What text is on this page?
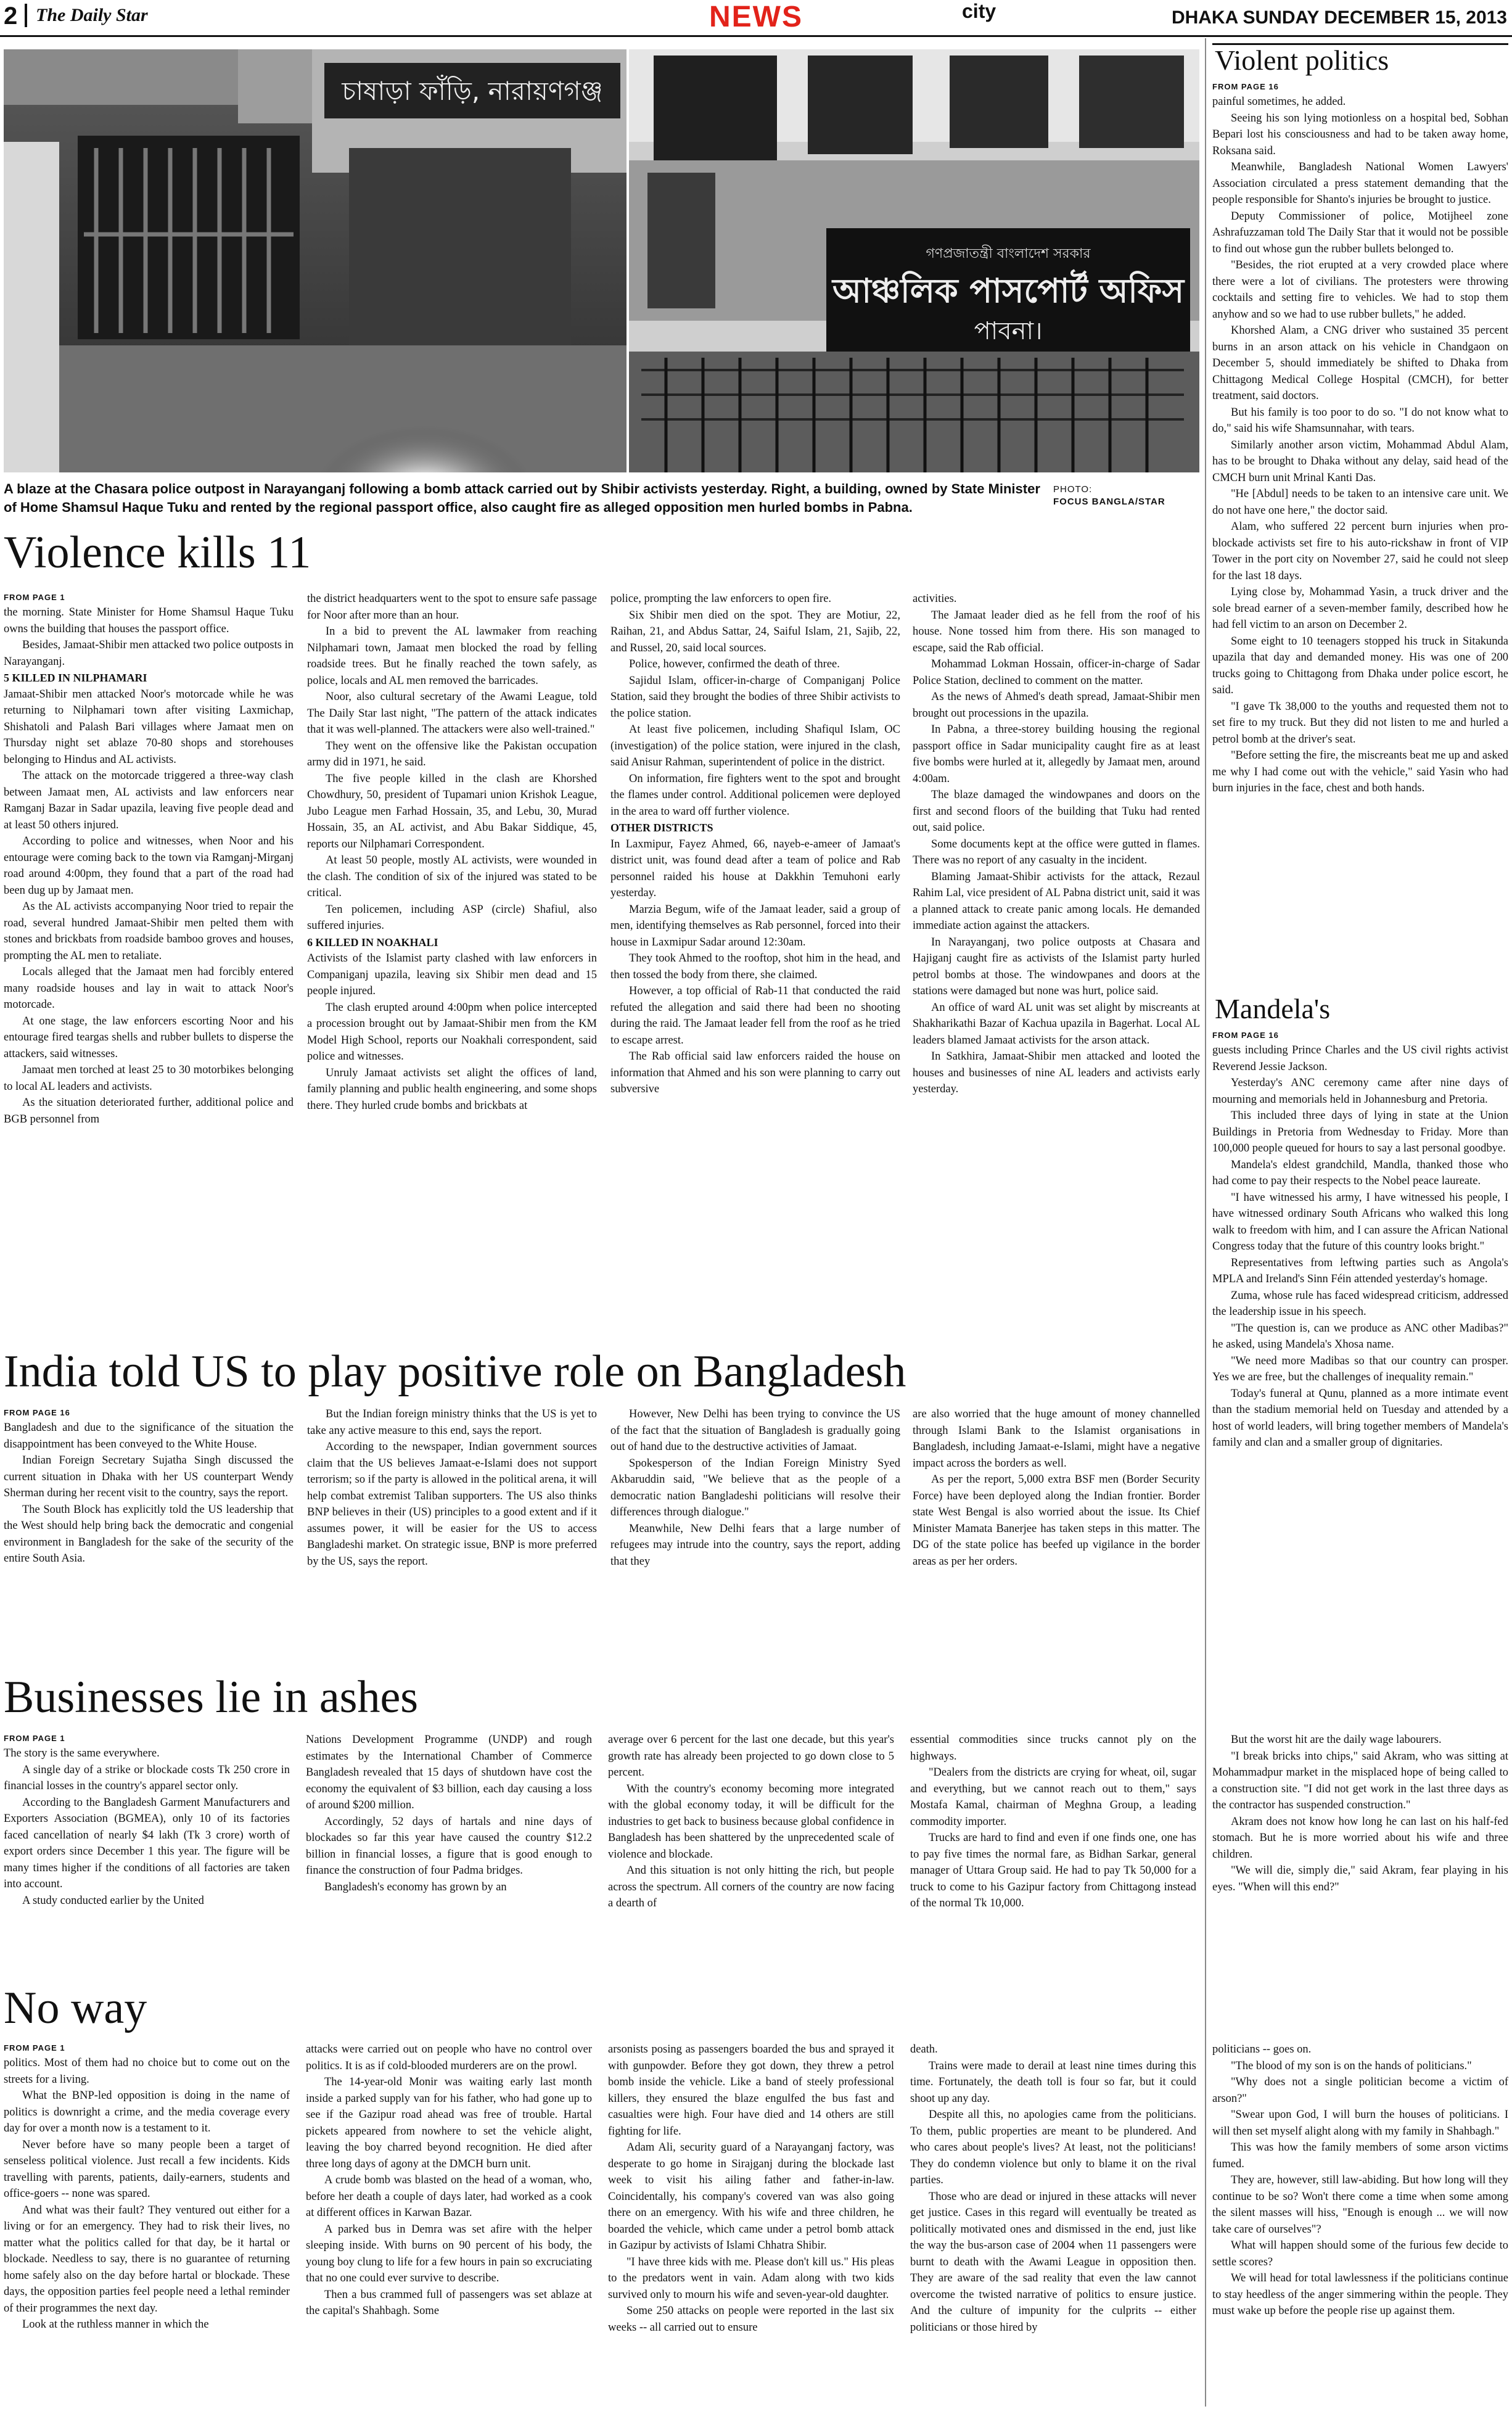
2 The Daily Star	NEWS	city	DHAKA SUNDAY DECEMBER 15, 2013
চাষাড়া ফাঁড়ি, নারায়ণগঞ্জ
গণপ্রজাতন্ত্রী বাংলাদেশ সরকার
আঞ্চলিক পাসপোর্ট অফিস
পাবনা।
A blaze at the Chasara police outpost in Narayanganj following a bomb attack carried out by Shibir activists yesterday. Right, a building, owned by State Minister of Home Shamsul Haque Tuku and rented by the regional passport office, also caught fire as alleged opposition men hurled bombs in Pabna.
PHOTO:
FOCUS BANGLA/STAR
Violence kills 11
India told US to play positive role on Bangladesh
Businesses lie in ashes
No way
Violent politics
Mandela's

FROM PAGE 1

the morning. State Minister for Home Shamsul Haque Tuku owns the building that houses the passport office.

Besides, Jamaat-Shibir men attacked two police outposts in Narayanganj.

5 KILLED IN NILPHAMARI

Jamaat-Shibir men attacked Noor's motorcade while he was returning to Nilphamari town after visiting Laxmichap, Shishatoli and Palash Bari villages where Jamaat men on Thursday night set ablaze 70-80 shops and storehouses belonging to Hindus and AL activists.

The attack on the motorcade triggered a three-way clash between Jamaat men, AL activists and law enforcers near Ramganj Bazar in Sadar upazila, leaving five people dead and at least 50 others injured.

According to police and witnesses, when Noor and his entourage were coming back to the town via Ramganj-Mirganj road around 4:00pm, they found that a part of the road had been dug up by Jamaat men.

As the AL activists accompanying Noor tried to repair the road, several hundred Jamaat-Shibir men pelted them with stones and brickbats from roadside bamboo groves and houses, prompting the AL men to retaliate.

Locals alleged that the Jamaat men had forcibly entered many roadside houses and lay in wait to attack Noor's motorcade.

At one stage, the law enforcers escorting Noor and his entourage fired teargas shells and rubber bullets to disperse the attackers, said witnesses.

Jamaat men torched at least 25 to 30 motorbikes belonging to local AL leaders and activists.

As the situation deteriorated further, additional police and BGB personnel from

the district headquarters went to the spot to ensure safe passage for Noor after more than an hour.

In a bid to prevent the AL lawmaker from reaching Nilphamari town, Jamaat men blocked the road by felling roadside trees. But he finally reached the town safely, as police, locals and AL men removed the barricades.

Noor, also cultural secretary of the Awami League, told The Daily Star last night, "The pattern of the attack indicates that it was well-planned. The attackers were also well-trained."

They went on the offensive like the Pakistan occupation army did in 1971, he said.

The five people killed in the clash are Khorshed Chowdhury, 50, president of Tupamari union Krishok League, Jubo League men Farhad Hossain, 35, and Lebu, 30, Murad Hossain, 35, an AL activist, and Abu Bakar Siddique, 45, reports our Nilphamari Correspondent.

At least 50 people, mostly AL activists, were wounded in the clash. The condition of six of the injured was stated to be critical.

Ten policemen, including ASP (circle) Shafiul, also suffered injuries.

6 KILLED IN NOAKHALI

Activists of the Islamist party clashed with law enforcers in Companiganj upazila, leaving six Shibir men dead and 15 people injured.

The clash erupted around 4:00pm when police intercepted a procession brought out by Jamaat-Shibir men from the KM Model High School, reports our Noakhali correspondent, said police and witnesses.

Unruly Jamaat activists set alight the offices of land, family planning and public health engineering, and some shops there. They hurled crude bombs and brickbats at

police, prompting the law enforcers to open fire.

Six Shibir men died on the spot. They are Motiur, 22, Raihan, 21, and Abdus Sattar, 24, Saiful Islam, 21, Sajib, 22, and Russel, 20, said local sources.

Police, however, confirmed the death of three.

Sajidul Islam, officer-in-charge of Companiganj Police Station, said they brought the bodies of three Shibir activists to the police station.

At least five policemen, including Shafiqul Islam, OC (investigation) of the police station, were injured in the clash, said Anisur Rahman, superintendent of police in the district.

On information, fire fighters went to the spot and brought the flames under control. Additional policemen were deployed in the area to ward off further violence.

OTHER DISTRICTS

In Laxmipur, Fayez Ahmed, 66, nayeb-e-ameer of Jamaat's district unit, was found dead after a team of police and Rab personnel raided his house at Dakkhin Temuhoni early yesterday.

Marzia Begum, wife of the Jamaat leader, said a group of men, identifying themselves as Rab personnel, forced into their house in Laxmipur Sadar around 12:30am.

They took Ahmed to the rooftop, shot him in the head, and then tossed the body from there, she claimed.

However, a top official of Rab-11 that conducted the raid refuted the allegation and said there had been no shooting during the raid. The Jamaat leader fell from the roof as he tried to escape arrest.

The Rab official said law enforcers raided the house on information that Ahmed and his son were planning to carry out subversive

activities.

The Jamaat leader died as he fell from the roof of his house. None tossed him from there. His son managed to escape, said the Rab official.

Mohammad Lokman Hossain, officer-in-charge of Sadar Police Station, declined to comment on the matter.

As the news of Ahmed's death spread, Jamaat-Shibir men brought out processions in the upazila.

In Pabna, a three-storey building housing the regional passport office in Sadar municipality caught fire as at least five bombs were hurled at it, allegedly by Jamaat men, around 4:00am.

The blaze damaged the windowpanes and doors on the first and second floors of the building that Tuku had rented out, said police.

Some documents kept at the office were gutted in flames. There was no report of any casualty in the incident.

Blaming Jamaat-Shibir activists for the attack, Rezaul Rahim Lal, vice president of AL Pabna district unit, said it was a planned attack to create panic among locals. He demanded immediate action against the attackers.

In Narayanganj, two police outposts at Chasara and Hajiganj caught fire as activists of the Islamist party hurled petrol bombs at those. The windowpanes and doors at the stations were damaged but none was hurt, police said.

An office of ward AL unit was set alight by miscreants at Shakharikathi Bazar of Kachua upazila in Bagerhat. Local AL leaders blamed Jamaat activists for the arson attack.

In Satkhira, Jamaat-Shibir men attacked and looted the houses and businesses of nine AL leaders and activists early yesterday.

FROM PAGE 16

Bangladesh and due to the significance of the situation the disappointment has been conveyed to the White House.

Indian Foreign Secretary Sujatha Singh discussed the current situation in Dhaka with her US counterpart Wendy Sherman during her recent visit to the country, says the report.

The South Block has explicitly told the US leadership that the West should help bring back the democratic and congenial environment in Bangladesh for the sake of the security of the entire South Asia.

But the Indian foreign ministry thinks that the US is yet to take any active measure to this end, says the report.

According to the newspaper, Indian government sources claim that the US believes Jamaat-e-Islami does not support terrorism; so if the party is allowed in the political arena, it will help combat extremist Taliban supporters. The US also thinks BNP believes in their (US) principles to a good extent and if it assumes power, it will be easier for the US to access Bangladeshi market. On strategic issue, BNP is more preferred by the US, says the report.

However, New Delhi has been trying to convince the US of the fact that the situation of Bangladesh is gradually going out of hand due to the destructive activities of Jamaat.

Spokesperson of the Indian Foreign Ministry Syed Akbaruddin said, "We believe that as the people of a democratic nation Bangladeshi politicians will resolve their differences through dialogue."

Meanwhile, New Delhi fears that a large number of refugees may intrude into the country, says the report, adding that they

are also worried that the huge amount of money channelled through Islami Bank to the Islamist organisations in Bangladesh, including Jamaat-e-Islami, might have a negative impact across the borders as well.

As per the report, 5,000 extra BSF men (Border Security Force) have been deployed along the Indian frontier. Border state West Bengal is also worried about the issue. Its Chief Minister Mamata Banerjee has taken steps in this matter. The DG of the state police has beefed up vigilance in the border areas as per her orders.

FROM PAGE 1

The story is the same everywhere.

A single day of a strike or blockade costs Tk 250 crore in financial losses in the country's apparel sector only.

According to the Bangladesh Garment Manufacturers and Exporters Association (BGMEA), only 10 of its factories faced cancellation of nearly $4 lakh (Tk 3 crore) worth of export orders since December 1 this year. The figure will be many times higher if the conditions of all factories are taken into account.

A study conducted earlier by the United

Nations Development Programme (UNDP) and rough estimates by the International Chamber of Commerce Bangladesh revealed that 15 days of shutdown have cost the economy the equivalent of $3 billion, each day causing a loss of around $200 million.

Accordingly, 52 days of hartals and nine days of blockades so far this year have caused the country $12.2 billion in financial losses, a figure that is good enough to finance the construction of four Padma bridges.

Bangladesh's economy has grown by an

average over 6 percent for the last one decade, but this year's growth rate has already been projected to go down close to 5 percent.

With the country's economy becoming more integrated with the global economy today, it will be difficult for the industries to get back to business because global confidence in Bangladesh has been shattered by the unprecedented scale of violence and blockade.

And this situation is not only hitting the rich, but people across the spectrum. All corners of the country are now facing a dearth of

essential commodities since trucks cannot ply on the highways.

"Dealers from the districts are crying for wheat, oil, sugar and everything, but we cannot reach out to them," says Mostafa Kamal, chairman of Meghna Group, a leading commodity importer.

Trucks are hard to find and even if one finds one, one has to pay five times the normal fare, as Bidhan Sarkar, general manager of Uttara Group said. He had to pay Tk 50,000 for a truck to come to his Gazipur factory from Chittagong instead of the normal Tk 10,000.

But the worst hit are the daily wage labourers.

"I break bricks into chips," said Akram, who was sitting at Mohammadpur market in the misplaced hope of being called to a construction site. "I did not get work in the last three days as the contractor has suspended construction."

Akram does not know how long he can last on his half-fed stomach. But he is more worried about his wife and three children.

"We will die, simply die," said Akram, fear playing in his eyes. "When will this end?"

FROM PAGE 1

politics. Most of them had no choice but to come out on the streets for a living.

What the BNP-led opposition is doing in the name of politics is downright a crime, and the media coverage every day for over a month now is a testament to it.

Never before have so many people been a target of senseless political violence. Just recall a few incidents. Kids travelling with parents, patients, daily-earners, students and office-goers -- none was spared.

And what was their fault? They ventured out either for a living or for an emergency. They had to risk their lives, no matter what the politics called for that day, be it hartal or blockade. Needless to say, there is no guarantee of returning home safely also on the day before hartal or blockade. These days, the opposition parties feel people need a lethal reminder of their programmes the next day.

Look at the ruthless manner in which the

attacks were carried out on people who have no control over politics. It is as if cold-blooded murderers are on the prowl.

The 14-year-old Monir was waiting early last month inside a parked supply van for his father, who had gone up to see if the Gazipur road ahead was free of trouble. Hartal pickets appeared from nowhere to set the vehicle alight, leaving the boy charred beyond recognition. He died after three long days of agony at the DMCH burn unit.

A crude bomb was blasted on the head of a woman, who, before her death a couple of days later, had worked as a cook at different offices in Karwan Bazar.

A parked bus in Demra was set afire with the helper sleeping inside. With burns on 90 percent of his body, the young boy clung to life for a few hours in pain so excruciating that no one could ever survive to describe.

Then a bus crammed full of passengers was set ablaze at the capital's Shahbagh. Some

arsonists posing as passengers boarded the bus and sprayed it with gunpowder. Before they got down, they threw a petrol bomb inside the vehicle. Like a band of steely professional killers, they ensured the blaze engulfed the bus fast and casualties were high. Four have died and 14 others are still fighting for life.

Adam Ali, security guard of a Narayanganj factory, was desperate to go home in Sirajganj during the blockade last week to visit his ailing father and father-in-law. Coincidentally, his company's covered van was also going there on an emergency. With his wife and three children, he boarded the vehicle, which came under a petrol bomb attack in Gazipur by activists of Islami Chhatra Shibir.

"I have three kids with me. Please don't kill us." His pleas to the predators went in vain. Adam along with two kids survived only to mourn his wife and seven-year-old daughter.

Some 250 attacks on people were reported in the last six weeks -- all carried out to ensure

death.

Trains were made to derail at least nine times during this time. Fortunately, the death toll is four so far, but it could shoot up any day.

Despite all this, no apologies came from the politicians. To them, public properties are meant to be plundered. And who cares about people's lives? At least, not the politicians! They do condemn violence but only to blame it on the rival parties.

Those who are dead or injured in these attacks will never get justice. Cases in this regard will eventually be treated as politically motivated ones and dismissed in the end, just like the way the bus-arson case of 2004 when 11 passengers were burnt to death with the Awami League in opposition then. They are aware of the sad reality that even the law cannot overcome the twisted narrative of politics to ensure justice. And the culture of impunity for the culprits -- either politicians or those hired by

politicians -- goes on.

"The blood of my son is on the hands of politicians."

"Why does not a single politician become a victim of arson?"

"Swear upon God, I will burn the houses of politicians. I will then set myself alight along with my family in Shahbagh."

This was how the family members of some arson victims fumed.

They are, however, still law-abiding. But how long will they continue to be so? Won't there come a time when some among the silent masses will hiss, "Enough is enough ... we will now take care of ourselves"?

What will happen should some of the furious few decide to settle scores?

We will head for total lawlessness if the politicians continue to stay heedless of the anger simmering within the people. They must wake up before the people rise up against them.

FROM PAGE 16

painful sometimes, he added.

Seeing his son lying motionless on a hospital bed, Sobhan Bepari lost his consciousness and had to be taken away home, Roksana said.

Meanwhile, Bangladesh National Women Lawyers' Association circulated a press statement demanding that the people responsible for Shanto's injuries be brought to justice.

Deputy Commissioner of police, Motijheel zone Ashrafuzzaman told The Daily Star that it would not be possible to find out whose gun the rubber bullets belonged to.

"Besides, the riot erupted at a very crowded place where there were a lot of civilians. The protesters were throwing cocktails and setting fire to vehicles. We had to stop them anyhow and so we had to use rubber bullets," he added.

Khorshed Alam, a CNG driver who sustained 35 percent burns in an arson attack on his vehicle in Chandgaon on December 5, should immediately be shifted to Dhaka from Chittagong Medical College Hospital (CMCH), for better treatment, said doctors.

But his family is too poor to do so. "I do not know what to do," said his wife Shamsunnahar, with tears.

Similarly another arson victim, Mohammad Abdul Alam, has to be brought to Dhaka without any delay, said head of the CMCH burn unit Mrinal Kanti Das.

"He [Abdul] needs to be taken to an intensive care unit. We do not have one here," the doctor said.

Alam, who suffered 22 percent burn injuries when pro-blockade activists set fire to his auto-rickshaw in front of VIP Tower in the port city on November 27, said he could not sleep for the last 18 days.

Lying close by, Mohammad Yasin, a truck driver and the sole bread earner of a seven-member family, described how he had fell victim to an arson on December 2.

Some eight to 10 teenagers stopped his truck in Sitakunda upazila that day and demanded money. His was one of 200 trucks going to Chittagong from Dhaka under police escort, he said.

"I gave Tk 38,000 to the youths and requested them not to set fire to my truck. But they did not listen to me and hurled a petrol bomb at the driver's seat.

"Before setting the fire, the miscreants beat me up and asked me why I had come out with the vehicle," said Yasin who had burn injuries in the face, chest and both hands.

FROM PAGE 16

guests including Prince Charles and the US civil rights activist Reverend Jessie Jackson.

Yesterday's ANC ceremony came after nine days of mourning and memorials held in Johannesburg and Pretoria.

This included three days of lying in state at the Union Buildings in Pretoria from Wednesday to Friday. More than 100,000 people queued for hours to say a last personal goodbye.

Mandela's eldest grandchild, Mandla, thanked those who had come to pay their respects to the Nobel peace laureate.

"I have witnessed his army, I have witnessed his people, I have witnessed ordinary South Africans who walked this long walk to freedom with him, and I can assure the African National Congress today that the future of this country looks bright."

Representatives from leftwing parties such as Angola's MPLA and Ireland's Sinn Féin attended yesterday's homage.

Zuma, whose rule has faced widespread criticism, addressed the leadership issue in his speech.

"The question is, can we produce as ANC other Madibas?" he asked, using Mandela's Xhosa name.

"We need more Madibas so that our country can prosper. Yes we are free, but the challenges of inequality remain."

Today's funeral at Qunu, planned as a more intimate event than the stadium memorial held on Tuesday and attended by a host of world leaders, will bring together members of Mandela's family and clan and a smaller group of dignitaries.
